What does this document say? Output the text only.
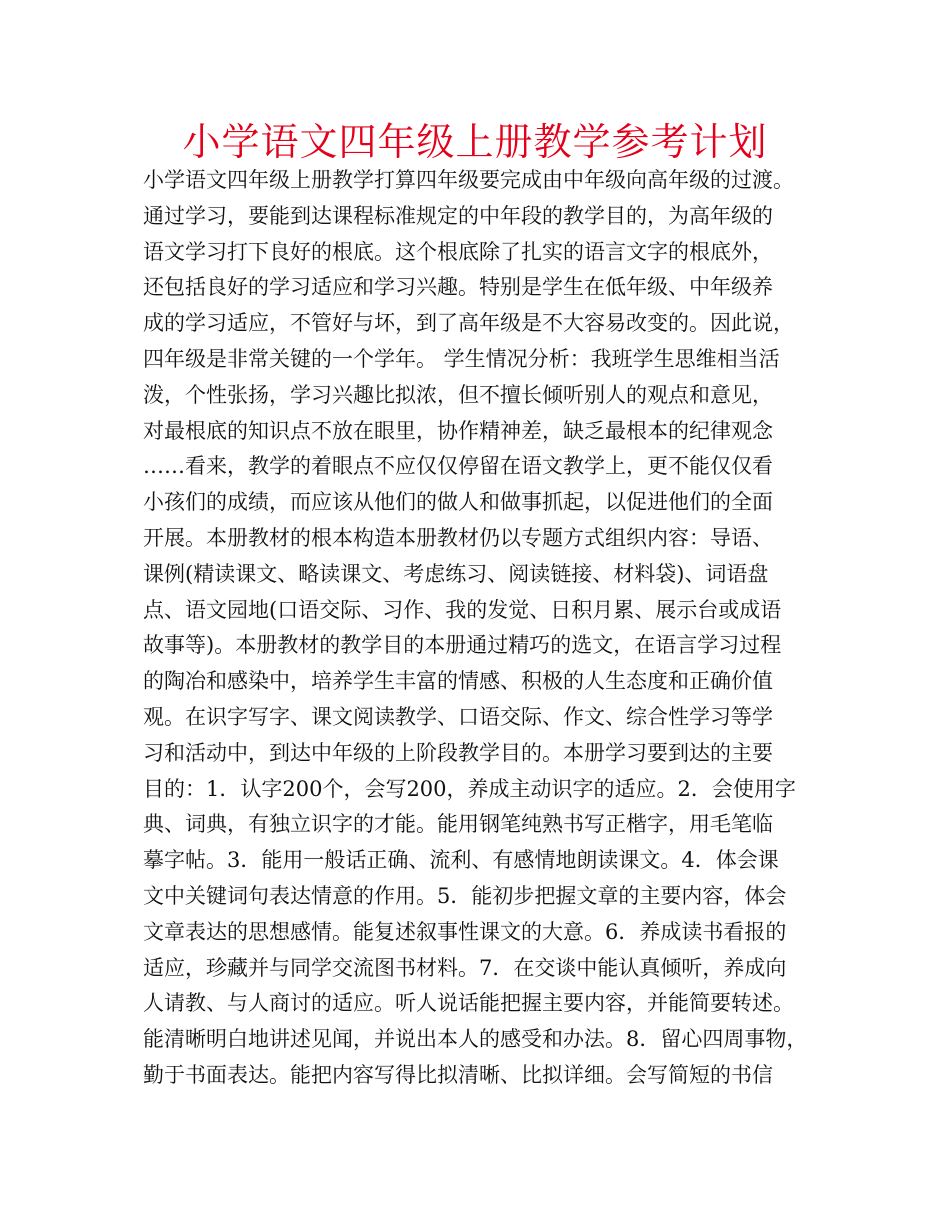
小学语文四年级上册教学参考计划
小学语文四年级上册教学打算四年级要完成由中年级向高年级的过渡。
通过学习，要能到达课程标准规定的中年段的教学目的，为高年级的
语文学习打下良好的根底。这个根底除了扎实的语言文字的根底外，
还包括良好的学习适应和学习兴趣。特别是学生在低年级、中年级养
成的学习适应，不管好与坏，到了高年级是不大容易改变的。因此说，
四年级是非常关键的一个学年。 学生情况分析：我班学生思维相当活
泼，个性张扬，学习兴趣比拟浓，但不擅长倾听别人的观点和意见，
对最根底的知识点不放在眼里，协作精神差，缺乏最根本的纪律观念
……看来，教学的着眼点不应仅仅停留在语文教学上，更不能仅仅看
小孩们的成绩，而应该从他们的做人和做事抓起，以促进他们的全面
开展。本册教材的根本构造本册教材仍以专题方式组织内容：导语、
课例(精读课文、略读课文、考虑练习、阅读链接、材料袋)、词语盘
点、语文园地(口语交际、习作、我的发觉、日积月累、展示台或成语
故事等)。本册教材的教学目的本册通过精巧的选文，在语言学习过程
的陶冶和感染中，培养学生丰富的情感、积极的人生态度和正确价值
观。在识字写字、课文阅读教学、口语交际、作文、综合性学习等学
习和活动中，到达中年级的上阶段教学目的。本册学习要到达的主要
目的：1．认字200个，会写200，养成主动识字的适应。2．会使用字
典、词典，有独立识字的才能。能用钢笔纯熟书写正楷字，用毛笔临
摹字帖。3．能用一般话正确、流利、有感情地朗读课文。4．体会课
文中关键词句表达情意的作用。5．能初步把握文章的主要内容，体会
文章表达的思想感情。能复述叙事性课文的大意。6．养成读书看报的
适应，珍藏并与同学交流图书材料。7．在交谈中能认真倾听，养成向
人请教、与人商讨的适应。听人说话能把握主要内容，并能简要转述。
能清晰明白地讲述见闻，并说出本人的感受和办法。8．留心四周事物，
勤于书面表达。能把内容写得比拟清晰、比拟详细。会写简短的书信
